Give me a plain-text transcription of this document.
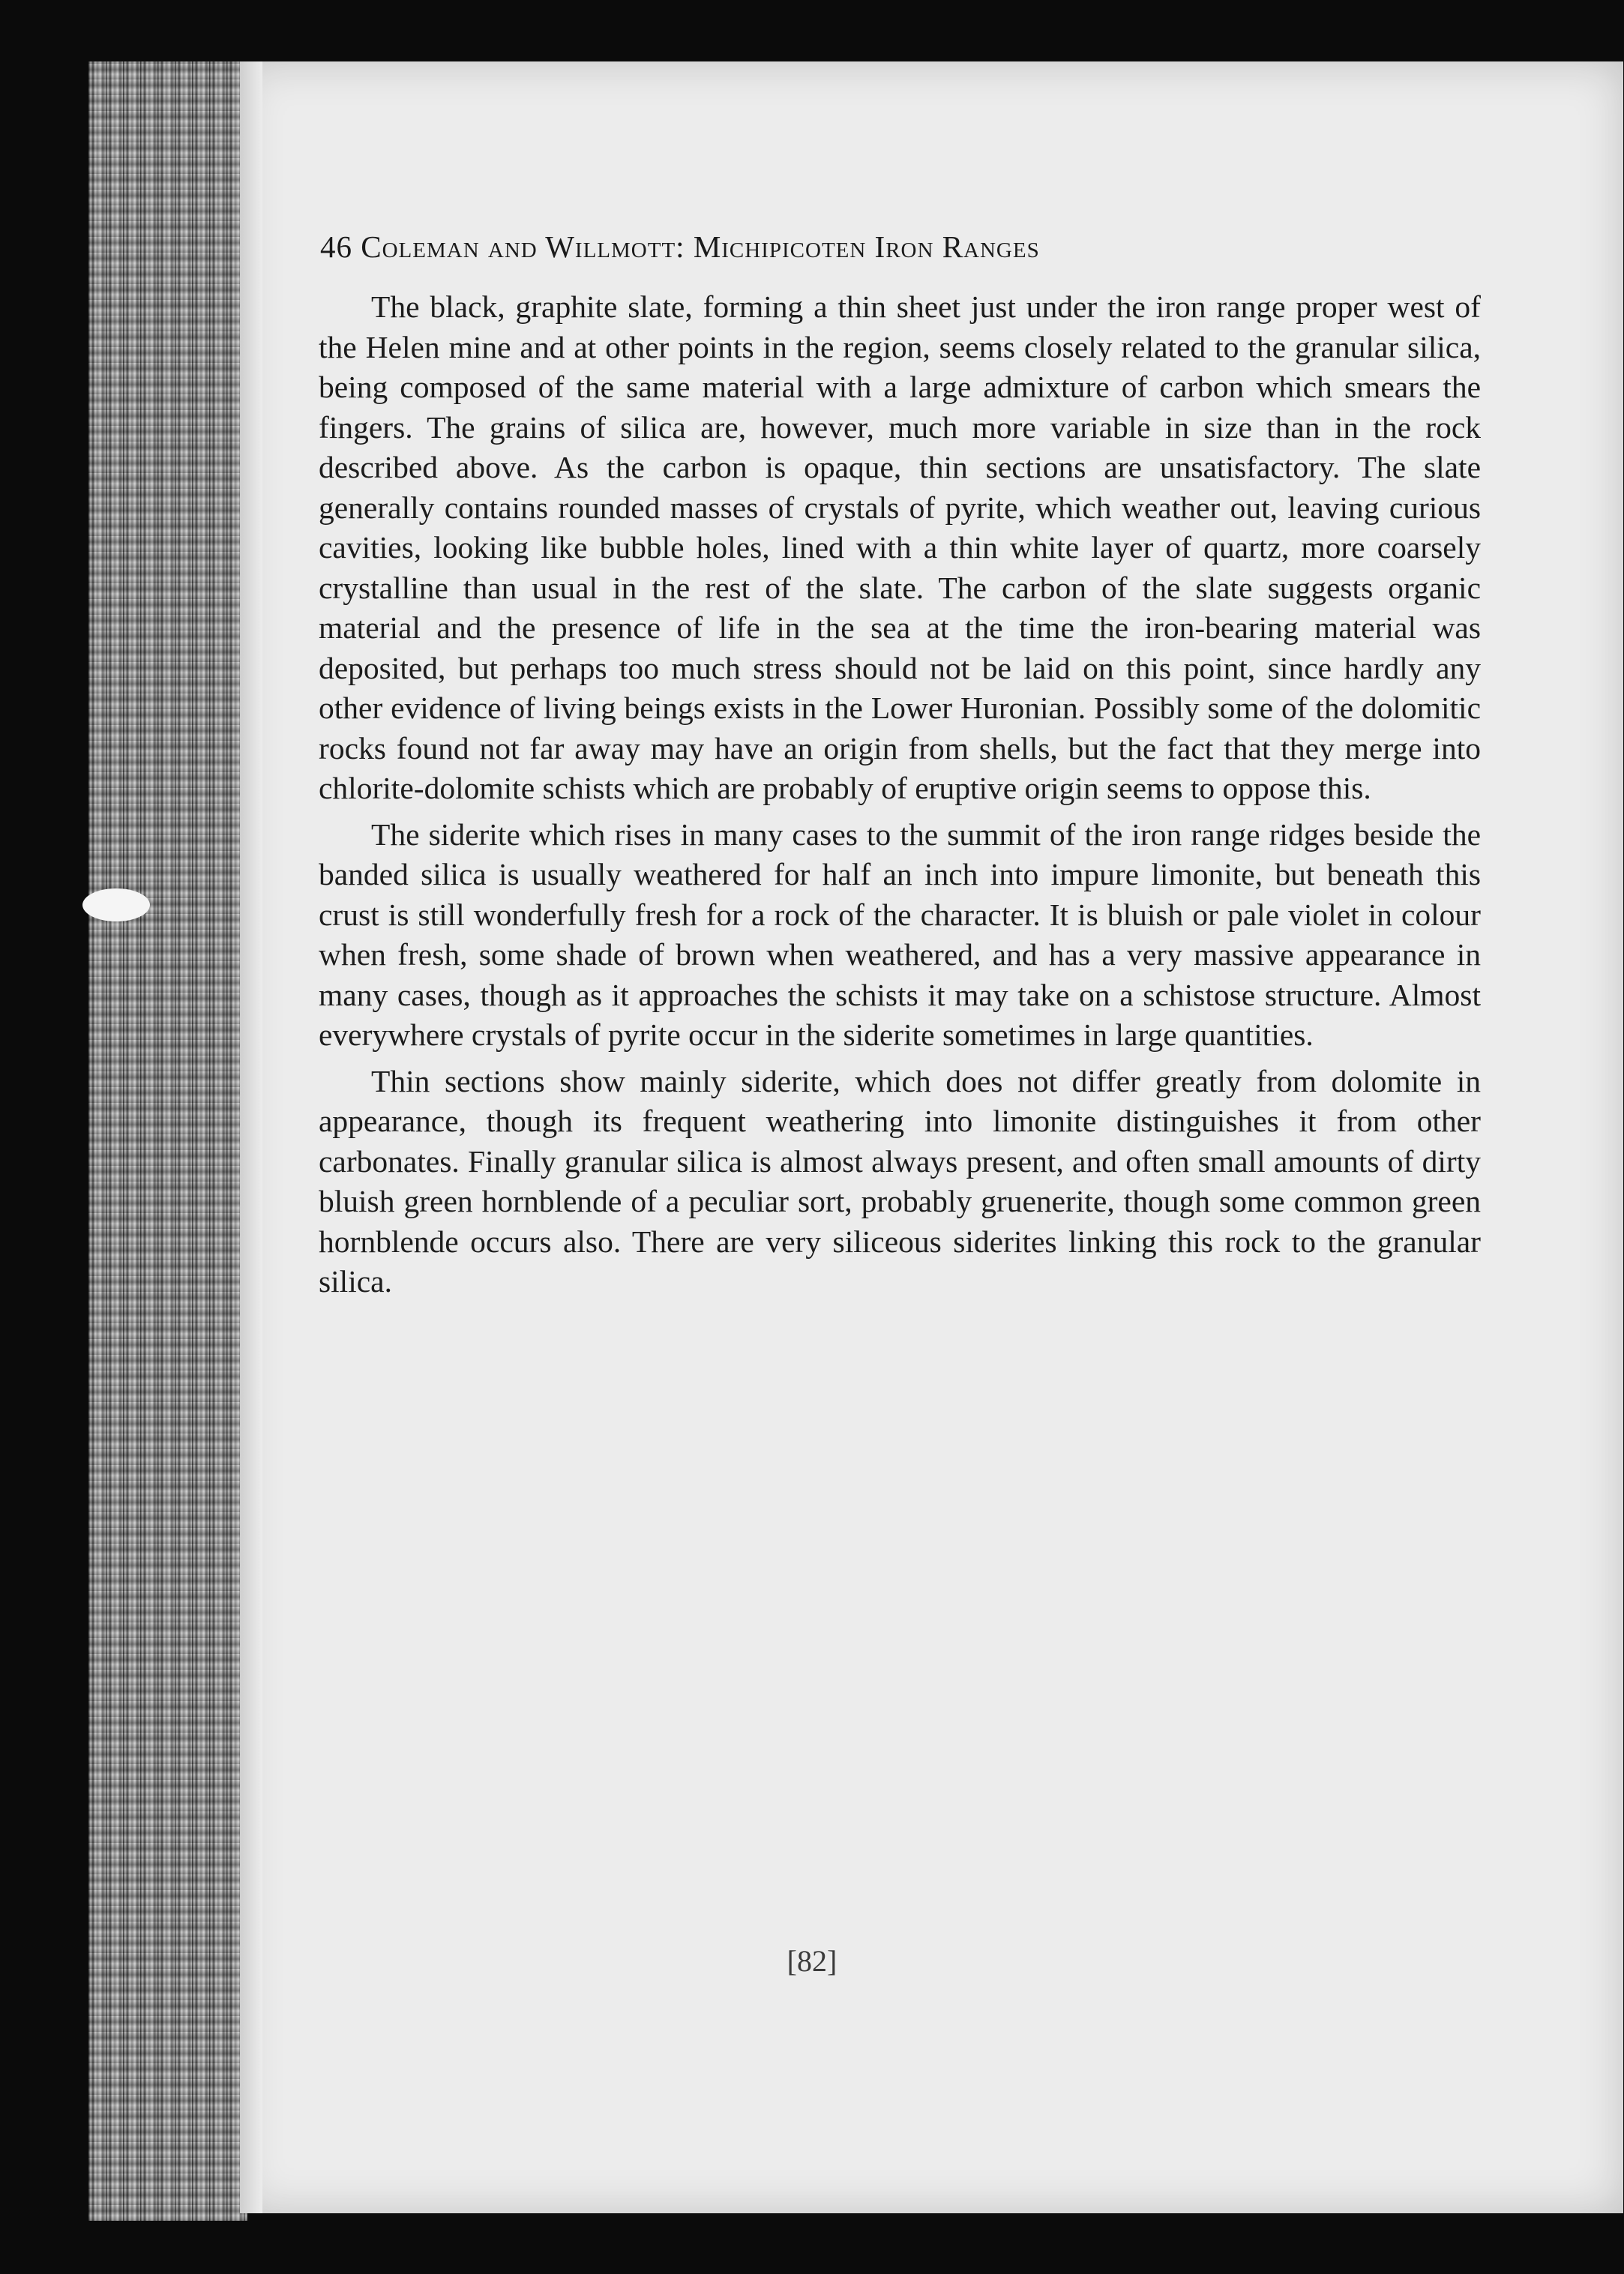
46 Coleman and Willmott: Michipicoten Iron Ranges

The black, graphite slate, forming a thin sheet just under the iron range proper west of the Helen mine and at other points in the region, seems closely related to the granular silica, being composed of the same material with a large admixture of carbon which smears the fingers. The grains of silica are, however, much more variable in size than in the rock described above. As the carbon is opaque, thin sections are unsatisfactory. The slate generally contains rounded masses of crystals of pyrite, which weather out, leaving curious cavities, looking like bubble holes, lined with a thin white layer of quartz, more coarsely crystalline than usual in the rest of the slate. The carbon of the slate suggests organic material and the presence of life in the sea at the time the iron-bearing material was deposited, but perhaps too much stress should not be laid on this point, since hardly any other evidence of living beings exists in the Lower Huronian. Possibly some of the dolomitic rocks found not far away may have an origin from shells, but the fact that they merge into chlorite-dolomite schists which are probably of eruptive origin seems to oppose this.

The siderite which rises in many cases to the summit of the iron range ridges beside the banded silica is usually weathered for half an inch into impure limonite, but beneath this crust is still wonderfully fresh for a rock of the character. It is bluish or pale violet in colour when fresh, some shade of brown when weathered, and has a very massive appearance in many cases, though as it approaches the schists it may take on a schistose structure. Almost everywhere crystals of pyrite occur in the siderite sometimes in large quantities.

Thin sections show mainly siderite, which does not differ greatly from dolomite in appearance, though its frequent weathering into limonite distinguishes it from other carbonates. Finally granular silica is almost always present, and often small amounts of dirty bluish green hornblende of a peculiar sort, probably gruenerite, though some common green hornblende occurs also. There are very siliceous siderites linking this rock to the granular silica.

[82]
